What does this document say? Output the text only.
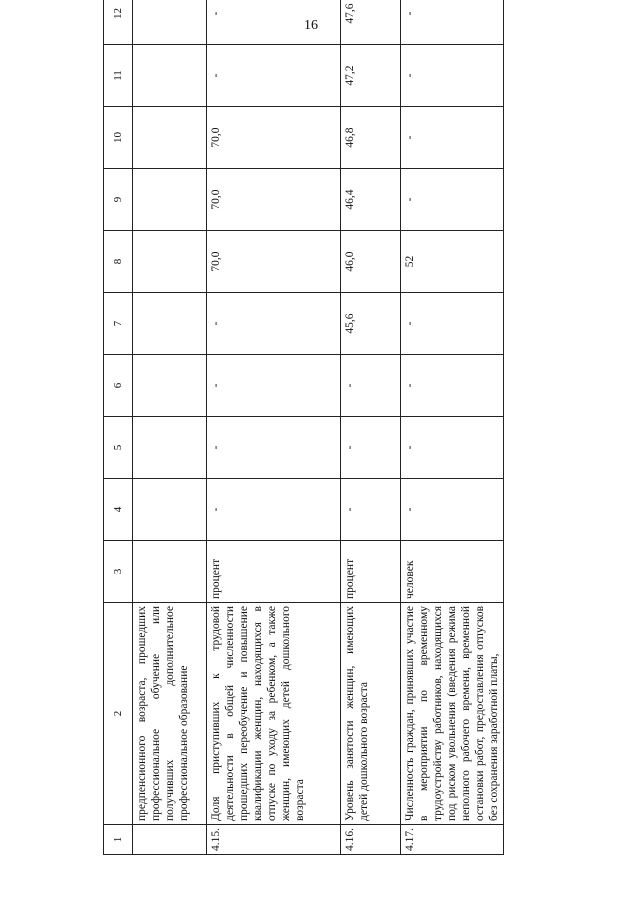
16
1	2	3	4	5	6	7	8	9	10	11	12
	предпенсионного возраста, прошедших профессиональное обучение или получивших дополнительное профессиональное образование										
4.15.	Доля приступивших к трудовой деятельности в общей численности прошедших переобучение и повышение квалификации женщин, находящихся в отпуске по уходу за ребенком, а также женщин, имеющих детей дошкольного возраста	процент	-	-	-	-	70,0	70,0	70,0	-	-
4.16.	Уровень занятости женщин, имеющих детей дошкольного возраста	процент	-	-	-	45,6	46,0	46,4	46,8	47,2	47,6
4.17.	Численность граждан, принявших участие в мероприятии по временному трудоустройству работников, находящихся под риском увольнения (введения режима неполного рабочего времени, временной остановки работ, предоставления отпусков без сохранения заработной платы,	человек	-	-	-	-	52	-	-	-	-
